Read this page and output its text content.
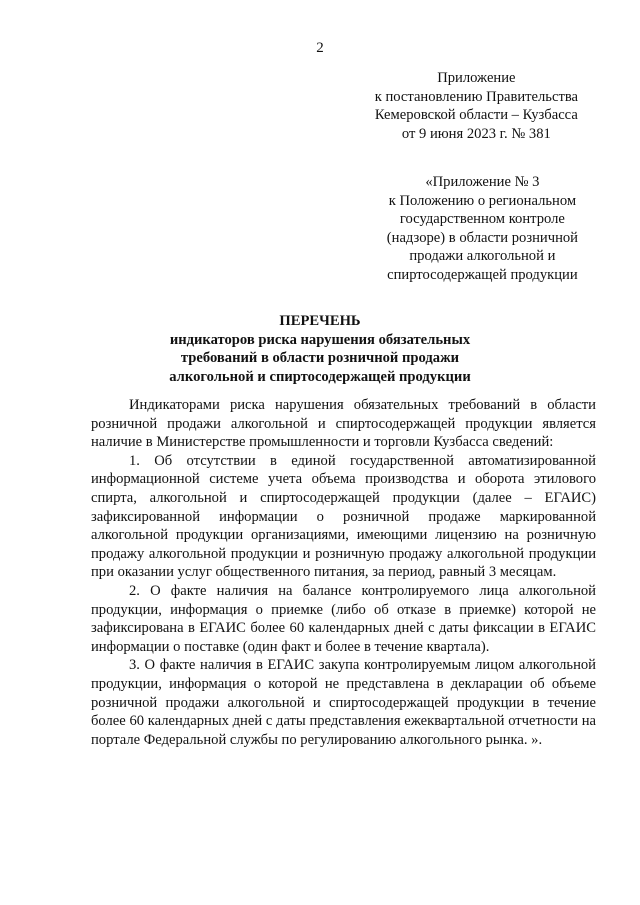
2
Приложение
к постановлению Правительства
Кемеровской области – Кузбасса
от 9 июня 2023 г. № 381
«Приложение № 3
к Положению о региональном
государственном контроле
(надзоре) в области розничной
продажи алкогольной и
спиртосодержащей продукции
ПЕРЕЧЕНЬ
индикаторов риска нарушения обязательных
требований в области розничной продажи
алкогольной и спиртосодержащей продукции

Индикаторами риска нарушения обязательных требований в области розничной продажи алкогольной и спиртосодержащей продукции является наличие в Министерстве промышленности и торговли Кузбасса сведений:

1. Об отсутствии в единой государственной автоматизированной информационной системе учета объема производства и оборота этилового спирта, алкогольной и спиртосодержащей продукции (далее – ЕГАИС) зафиксированной информации о розничной продаже маркированной алкогольной продукции организациями, имеющими лицензию на розничную продажу алкогольной продукции и розничную продажу алкогольной продукции при оказании услуг общественного питания, за период, равный 3 месяцам.

2. О факте наличия на балансе контролируемого лица алкогольной продукции, информация о приемке (либо об отказе в приемке) которой не зафиксирована в ЕГАИС более 60 календарных дней с даты фиксации в ЕГАИС информации о поставке (один факт и более в течение квартала).

3. О факте наличия в ЕГАИС закупа контролируемым лицом алкогольной продукции, информация о которой не представлена в декларации об объеме розничной продажи алкогольной и спиртосодержащей продукции в течение более 60 календарных дней с даты представления ежеквартальной отчетности на портале Федеральной службы по регулированию алкогольного рынка. ».
